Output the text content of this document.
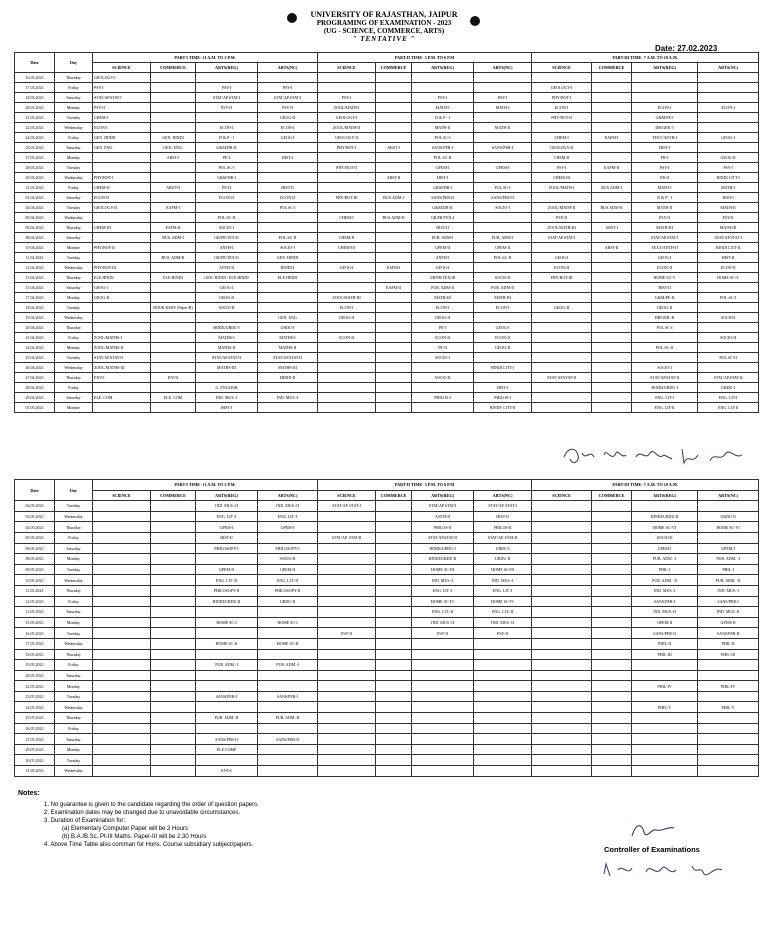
UNIVERSITY OF RAJASTHAN, JAIPUR
PROGRAMING OF EXAMINATION - 2023
(UG - SCIENCE, COMMERCE, ARTS)
" TENTATIVE "
Date: 27.02.2023
Date	Day	PART-I TIME- 11 A.M. TO 2 P.M.				PART-II TIME- 3 P.M. TO 6 P.M				PART-III TIME- 7 A.M. TO 10 A.M.			
		SCIENCE	COMMERCE	ARTS(REG)	ARTS(NC)	SCIENCE	COMMERCE	ARTS(REG)	ARTS(NC)	SCIENCE	COMMERCE	ARTS(REG)	ARTS(NC)
16.03.2023	Thursday	GEOLOGY-I											
17.03.2023	Friday	PSY-I		PSY-I	PSY-I					GEOLOGY-I			
18.03.2023	Saturday	STAT/AP.STAT-I		STAT/AP.STAT-I	STAT/AP.STAT-I	PSY-I		PSY-I	PSY-I	PHY/BOT-I			
20.03.2023	Monday	PSY-II		PSY-II	PSY-II	ZOOL/MATH-I		MATH-I	MATH-I	ECON-I		ECON-I	ECON-I
21.03.2023	Tuesday	CHEM-I			GEOG-II	GEOLOGY-I		D & P - I		PHY/BOT-II		G&M/PE-I	
22.03.2023	Wednesday	ECON-I		ECON-I	ECON-I	ZOOL/MATH-II		MATH-II	MATH-II			DR/GER.-I	
24.03.2023	Friday	GEN. HINDI	GEN. HINDI	D & P - I	GEOG-I	GEOLOGY-II		POL.SC-I		CHEM-I	EAFM-I	TEXT/ANTH-I	GEOG-I
25.03.2023	Saturday	GEN. ENG.	GEN. ENG.	G&M/DR-II		PHY/BOT-I	ABST-I	SANS/PER-I	SANS/PER-I	GEOLOGY-II		HIST-I	
27.03.2023	Monday		ABST-I	PE-I	HIST-I			POL.SC-II		CHEM-II		FR-I	GEOG-II
28.03.2023	Tuesday			POL.SC-I		PHY/BOT-II		GPEM-I	GPEM-I	PSY-I	EAFM-II	PSY-I	PSY-I
29.03.2023	Wednesday	PHY/BOT-I		G&M/DR-I			ABST-II	HIST-I		CHEM-III		FR-II	HINDI LITT-I
31.03.2023	Friday	CHEM-II	ABST-II	PE-II	HIST-II			G&M/DR-I	POL.SC-I	ZOOL/MATH-I	BUS.ADM-I	MATH-I	MATH-I
01.04.2023	Saturday	ECON-II		ECON-II	ECON-II	PHY/BOT-III	BUS.ADM-I	SANS/PER-II	SANS/PER-II			D & P - I	HIST-I
04.04.2023	Tuesday	GEOLOGY-II	EAFM-I		POL.SC-I			G&M/DR-II	SOCIO-I	ZOOL/MATH-II	BUS.ADM-II	MATH-II	MATH-II
05.04.2023	Wednesday			POL.SC-II		CHEM-I	BUS.ADM-II	GR/FR/TEX-I		PSY-II		PSY-II	PSY-II
06.04.2023	Thursday	CHEM-III	EAFM-II	SOCIO-I				HIST-II		ZOOL/MATH-III	ABST-I	MATH-III	MATH-III
08.04.2023	Saturday		BUS. ADM-I	GR/FR/TEX-II	POL.SC-II	CHEM-II		PUB. ADM-I	PUB. ADM-I	STAT/AP.STAT-I		STAT/AP.STAT-I	STAT/AP.STAT-I
10.04.2023	Monday	PHY/BOT-II		ANTH-I	SOCIO-I	CHEM-III		GPEM-II	GPEM-II		ABST-II	TEXT/ANTH-II	HINDI LITT-II
11.04.2023	Tuesday		BUS. ADM-II	GR/FR/TEX-II	GEN. HINDI			ANTH-I	POL.SC-II	GEOG-I		GEOG-I	HIST-II
12.04.2023	Wednesday	PHY/BOT-III		ANTH-II	HINDI-I	GEOG-I	EAFM-I	GEOG-I		ECON-II		ECON-II	ECON-II
13.04.2023	Thursday	ELE.HINDI	ELE.HINDI	GEN. HINDI / ELE.HINDI	ELE.HINDI			GR/FR/TEX-III	SOCIO-II	PHY/BOT-III		HOME SC-V	HOME SC-V
15.04.2023	Saturday	GEOG-I		GEOG-I			EAFM-II	PUB. ADM-II	PUB. ADM-II			HIST-II	
17.04.2023	Monday	GEOG-II		GEOG-II		ZOOL/MATH-III		MATH-III	MATH-III			G&M/PE-II	POL.SC-I
18.04.2023	Tuesday		BOOK KEEP. (Paper-B)	SOCIO-II		ECON-I		ECON-I	ECON-I	GEOG-II		GEOG-II	
19.04.2023	Wednesday				GEN. ENG	GEOG-II		GEOG-II				DR/GER.-II	SOCIO-I
20.04.2023	Thursday			HINDI/URDU-I	URDU-I			PE-I	GEOG-I			POL.SC-I	
21.04.2023	Friday	ZOOL/MATHS-I		MATHS-I	MATHS-I	ECON-II		ECON-II	ECON-II				SOCIO-II
24.04.2023	Monday	ZOOL/MATHS-II		MATHS-II	MATHS-II			PE-II	GEOG-II			POL.SC-II	
25.04.2023	Tuesday	STAT/AP.STAT-II		STAT/AP.STAT-II	STAT/AP.STAT-II			SOCIO-I					POL.SC-II
26.04.2023	Wednesday	ZOOL/MATHS-III		MATHS-III	MATHS-III				HINDI LITT-I			SOCIO-I	
27.04.2023	Thursday	ENVS	ENVS		HINDI-II			SOCIO-II		STAT/AP.STAT-II		STAT/AP.STAT-II	STAT/AP.STAT-II
28.04.2023	Friday			G. ENGLISH					HIST-I			HINDI/URDU-I	URDU-I
29.04.2023	Saturday	ELE. COM.	ELE. COM	IND. MUS.-I	IND. MUS.-I			PHILOS-I	PHILOS-I			ENG. LIT-I	ENG. LIT-I
01.05.2023	Monday			HIST-I					HINDI- LITT-II			ENG. LIT-II	ENG. LIT-II
Date	Day	PART-I TIME- 11 A.M. TO 2 P.M.				PART-II TIME- 3 P.M. TO 6 P.M				PART-III TIME- 7 A.M. TO 10 A.M.			
		SCIENCE	COMMERCE	ARTS(REG)	ARTS(NC)	SCIENCE	COMMERCE	ARTS(REG)	ARTS(NC)	SCIENCE	COMMERCE	ARTS(REG)	ARTS(NC)
02.05.2023	Tuesday			IND. MUS.-II	IND. MUS.-II	STAT/AP. STAT-I		STAT/AP.STAT-I	STAT/AP. STAT-I				
03.05.2023	Wednesday			ENG. LIT.-I	ENG. LIT.-I			ANTH-II	HIST-II			HINDI/URDU-II	URDU-II
04.05.2023	Thursday			GPEM-I	GPEM-I			PHILOS-II	PHILOS-II			HOME SC-VI	HOME SC-VI
05.05.2023	Friday			HIST-II		STAT/AP. STAT-II		STAT/AP.STAT-II	STAT/AP. STAT-II			SOCIO-II	
06.05.2023	Saturday			PHILOSOPY-I	PHILOSOPY-I			HINDI/URDU-I	URDU-I			GPEM-I	GPEM-I
08.05.2023	Monday				SOCIO-II			HINDI/URDU-II	URDU-II			PUB. ADM. -I	PUB. ADM. -I
09.05.2023	Tuesday			GPEM-II	GPEM-II			HOME SC-III	HOME SC-III			PHIL-I	PHIL-I
10.05.2023	Wednesday			ENG. LIT.-II	ENG. LIT.-II			IND. MUS.-I	IND. MUS.-I			PUB. ADM. -II	PUB. ADM. -II
11.05.2023	Thursday			PHILOSOPY-II	PHILOSOPY-II			ENG. LIT.-I	ENG. LIT.-I			IND. MUS.-I	IND. MUS.-I
12.05.2023	Friday			HINDI/URDU-II	URDU-II			HOME SC-IV	HOME SC-IV			SANS/PER-I	SANS/PER-I
13.05.2023	Saturday							ENG. LIT.-II	ENG. LIT.-II			IND. MUS.-II	IND. MUS.-II
15.05.2023	Monday			HOME SC-I	HOME SC-I			IND. MUS.-II	IND. MUS.-II			GPEM-II	GPEM-II
16.05.2023	Tuesday					PSY-II		PSY-II	PSY-II			SANS/PER-II	SANS/PER-II
17.05.2023	Wednesday			HOME SC-II	HOME SC-II							PHIL-II	PHIL-II
18.05.2023	Thursday											PHIL-III	PHIL-III
19.05.2023	Friday			PUB. ADM.-I	PUB. ADM.-I								
20.05.2023	Saturday												
22.05.2023	Monday											PHIL-IV	PHIL-IV
23.05.2023	Tuesday			SANS/PER-I	SANS/PER-I								
24.05.2023	Wednesday											PHIL-V	PHIL-V
25.05.2023	Thursday			PUB. ADM.-II	PUB. ADM.-II								
26.05.2023	Friday												
27.05.2023	Saturday			SANS/PER-II	SANS/PER-II								
29.05.2023	Monday			ELE.COMP									
30.05.2023	Tuesday												
31.05.2023	Wednesday			ENVS									
Notes:
1. No guarantee is given to the candidate regarding the order of question papers.
2. Examination dates may be changed due to unavoidable circumstances.
3. Duration of Examination for:
(a) Elementary Computer Paper will be 2 Hours
(b) B.A./B.Sc. Pt-III Maths. Paper-III will be 2.30 Hours
4. Above Time Table also comman for Hons. Course subsidiary subject/papers.	Controller of Examinations
